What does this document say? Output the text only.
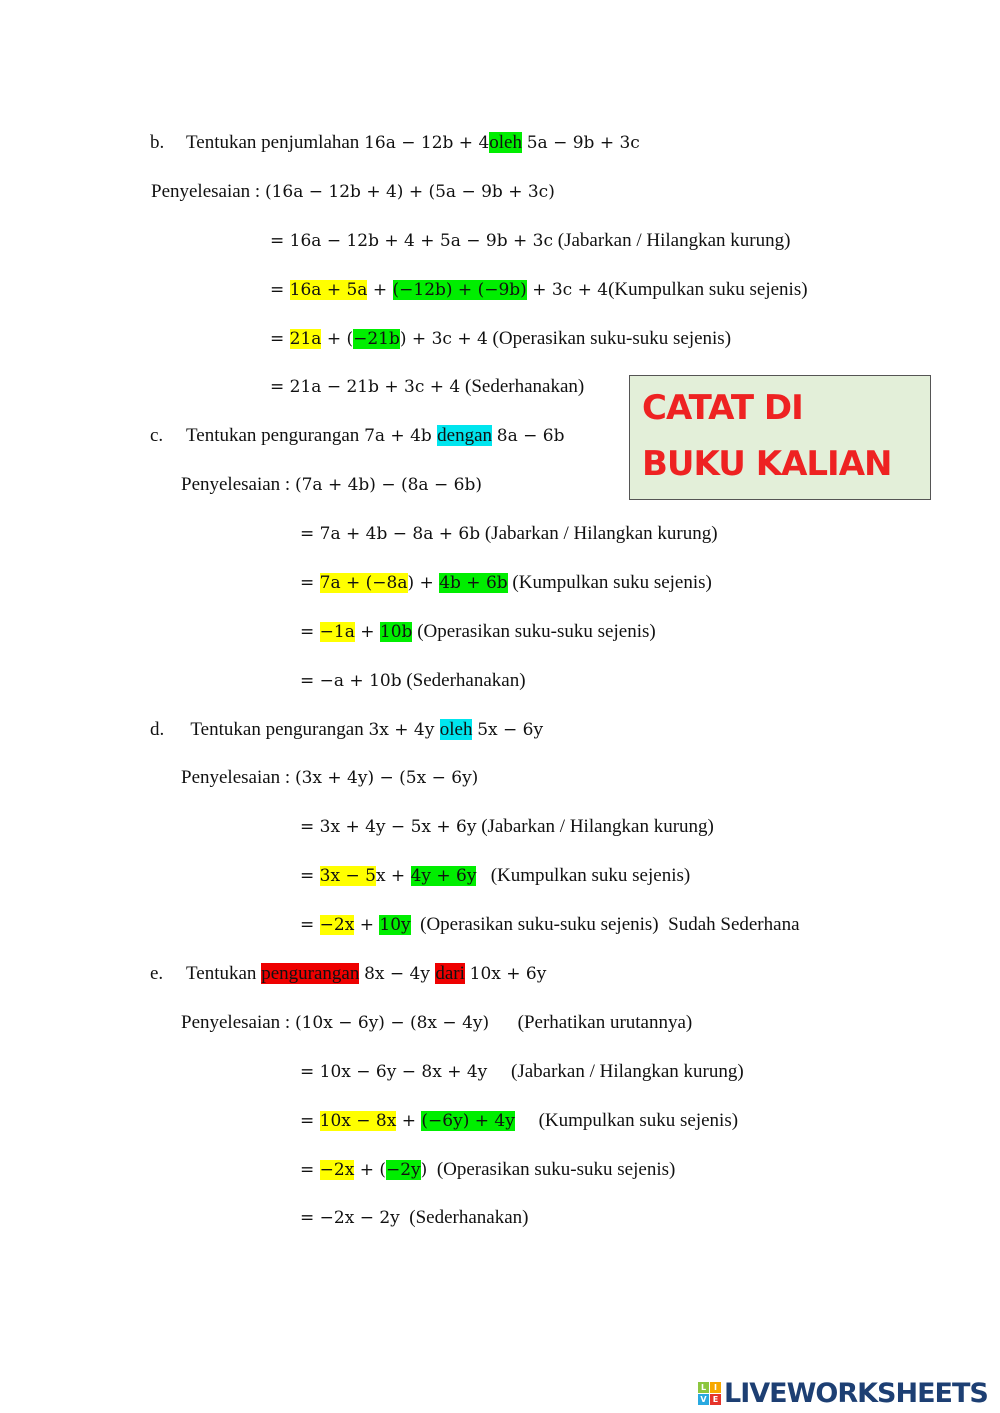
b. Tentukan penjumlahan 16a − 12b + 4oleh 5a − 9b + 3c
Penyelesaian : (16a − 12b + 4) + (5a − 9b + 3c)
= 16a − 12b + 4 + 5a − 9b + 3c (Jabarkan / Hilangkan kurung)
= 16a + 5a + (−12b) + (−9b) + 3c + 4(Kumpulkan suku sejenis)
= 21a + (−21b) + 3c + 4 (Operasikan suku-suku sejenis)
= 21a − 21b + 3c + 4 (Sederhanakan)
c. Tentukan pengurangan 7a + 4b dengan 8a − 6b
Penyelesaian : (7a + 4b) − (8a − 6b)
= 7a + 4b − 8a + 6b (Jabarkan / Hilangkan kurung)
= 7a + (−8a) + 4b + 6b (Kumpulkan suku sejenis)
= −1a + 10b (Operasikan suku-suku sejenis)
= −a + 10b (Sederhanakan)
d. Tentukan pengurangan 3x + 4y oleh 5x − 6y
Penyelesaian : (3x + 4y) − (5x − 6y)
= 3x + 4y − 5x + 6y (Jabarkan / Hilangkan kurung)
= 3x − 5x + 4y + 6y   (Kumpulkan suku sejenis)
= −2x + 10y  (Operasikan suku-suku sejenis)  Sudah Sederhana
e. Tentukan pengurangan 8x − 4y dari 10x + 6y
Penyelesaian : (10x − 6y) − (8x − 4y)      (Perhatikan urutannya)
= 10x − 6y − 8x + 4y     (Jabarkan / Hilangkan kurung)
= 10x − 8x + (−6y) + 4y     (Kumpulkan suku sejenis)
= −2x + (−2y)  (Operasikan suku-suku sejenis)
= −2x − 2y  (Sederhanakan)
CATAT DI
BUKU KALIAN
L I
V E LIVEWORKSHEETS
